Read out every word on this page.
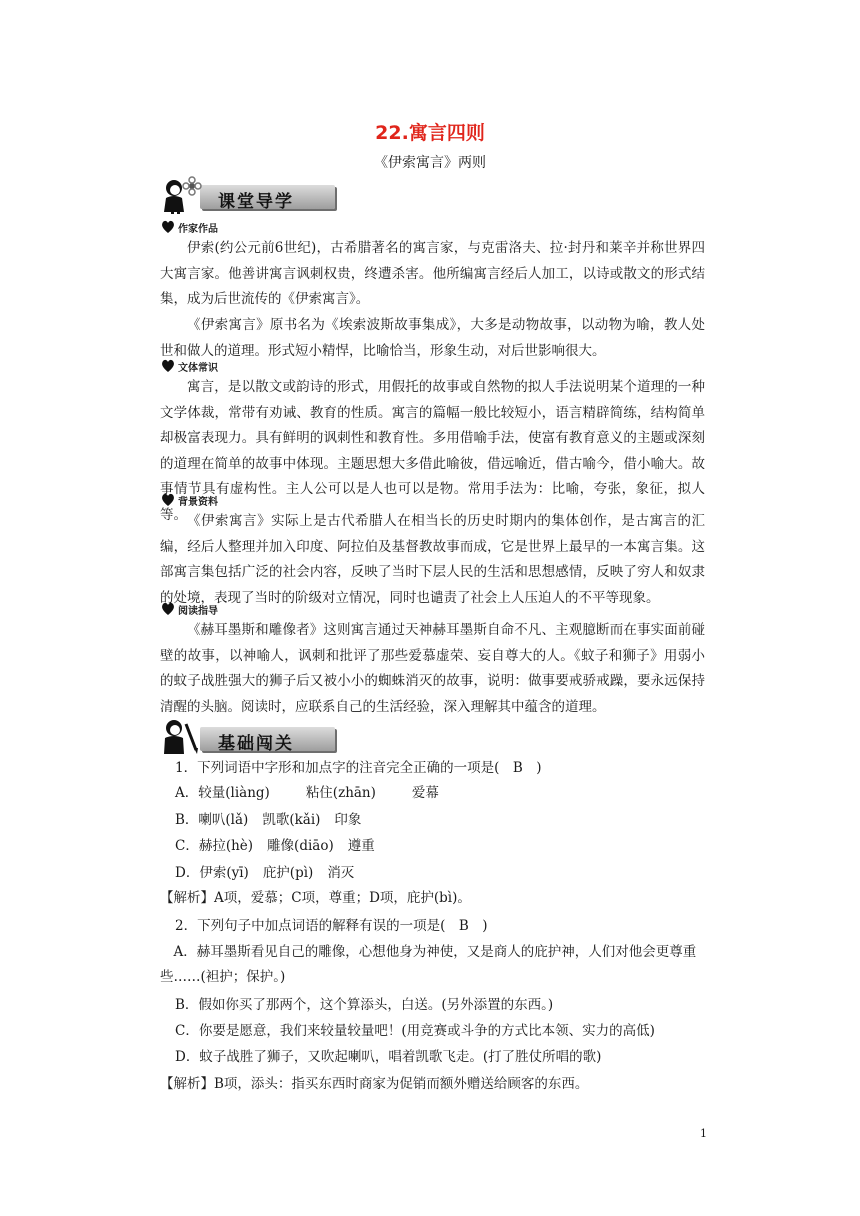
22.寓言四则
《伊索寓言》两则
课堂导学
作家作品

伊索(约公元前6世纪)，古希腊著名的寓言家，与克雷洛夫、拉·封丹和莱辛并称世界四大寓言家。他善讲寓言讽刺权贵，终遭杀害。他所编寓言经后人加工，以诗或散文的形式结集，成为后世流传的《伊索寓言》。

《伊索寓言》原书名为《埃索波斯故事集成》，大多是动物故事，以动物为喻，教人处世和做人的道理。形式短小精悍，比喻恰当，形象生动，对后世影响很大。

文体常识

寓言，是以散文或韵诗的形式，用假托的故事或自然物的拟人手法说明某个道理的一种文学体裁，常带有劝诫、教育的性质。寓言的篇幅一般比较短小，语言精辟简练，结构简单却极富表现力。具有鲜明的讽刺性和教育性。多用借喻手法，使富有教育意义的主题或深刻的道理在简单的故事中体现。主题思想大多借此喻彼，借远喻近，借古喻今，借小喻大。故事情节具有虚构性。主人公可以是人也可以是物。常用手法为：比喻，夸张，象征，拟人等。

背景资料

《伊索寓言》实际上是古代希腊人在相当长的历史时期内的集体创作，是古寓言的汇编，经后人整理并加入印度、阿拉伯及基督教故事而成，它是世界上最早的一本寓言集。这部寓言集包括广泛的社会内容，反映了当时下层人民的生活和思想感情，反映了穷人和奴隶的处境，表现了当时的阶级对立情况，同时也谴责了社会上人压迫人的不平等现象。

阅读指导

《赫耳墨斯和雕像者》这则寓言通过天神赫耳墨斯自命不凡、主观臆断而在事实面前碰壁的故事，以神喻人，讽刺和批评了那些爱慕虚荣、妄自尊大的人。《蚊子和狮子》用弱小的蚊子战胜强大的狮子后又被小小的蜘蛛消灭的故事，说明：做事要戒骄戒躁，要永远保持清醒的头脑。阅读时，应联系自己的生活经验，深入理解其中蕴含的道理。

基础闯关
1．下列词语中字形和加点字的注音完全正确的一项是(　B　)
A．较量(liàng)	粘住(zhān)	爱幕
B．喇叭(lǎ) 凯歌(kǎi) 印象
C．赫拉(hè) 雕像(diāo) 遵重
D．伊索(yī) 庇护(pì) 消灭
【解析】A项，爱慕；C项，尊重；D项，庇护(bì)。
2．下列句子中加点词语的解释有误的一项是(　B　)

A．赫耳墨斯看见自己的雕像，心想他身为神使，又是商人的庇护神，人们对他会更尊重些……(袒护；保护。)

B．假如你买了那两个，这个算添头，白送。(另外添置的东西。)
C．你要是愿意，我们来较量较量吧！(用竞赛或斗争的方式比本领、实力的高低)
D．蚊子战胜了狮子，又吹起喇叭，唱着凯歌飞走。(打了胜仗所唱的歌)
【解析】B项，添头：指买东西时商家为促销而额外赠送给顾客的东西。
1
